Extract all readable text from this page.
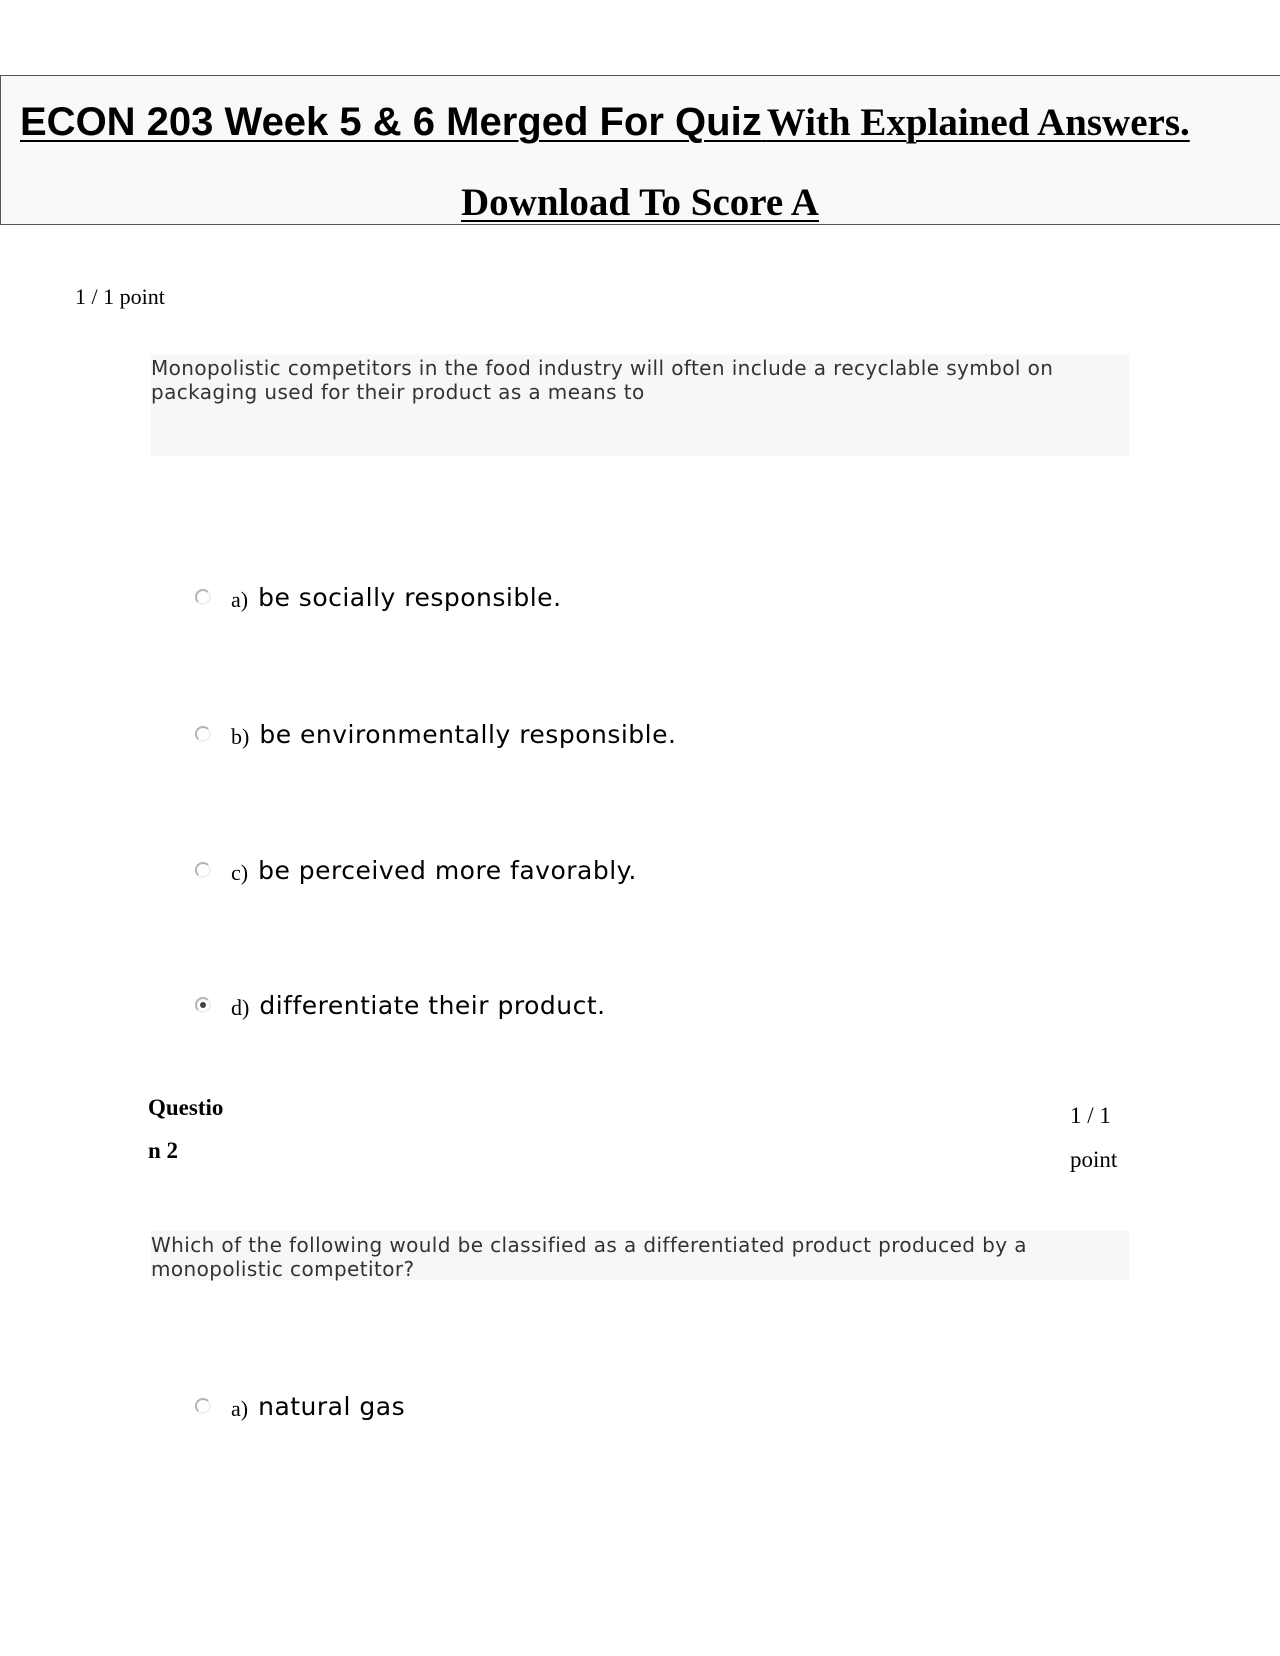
ECON 203 Week 5 & 6 Merged For Quiz With Explained Answers.
Download To Score A
1 / 1 point
Monopolistic competitors in the food industry will often include a recyclable symbol on packaging used for their product as a means to
a) be socially responsible.
b) be environmentally responsible.
c) be perceived more favorably.
d) differentiate their product.
Questio
n 2
1 / 1
point
Which of the following would be classified as a differentiated product produced by a monopolistic competitor?
a) natural gas
